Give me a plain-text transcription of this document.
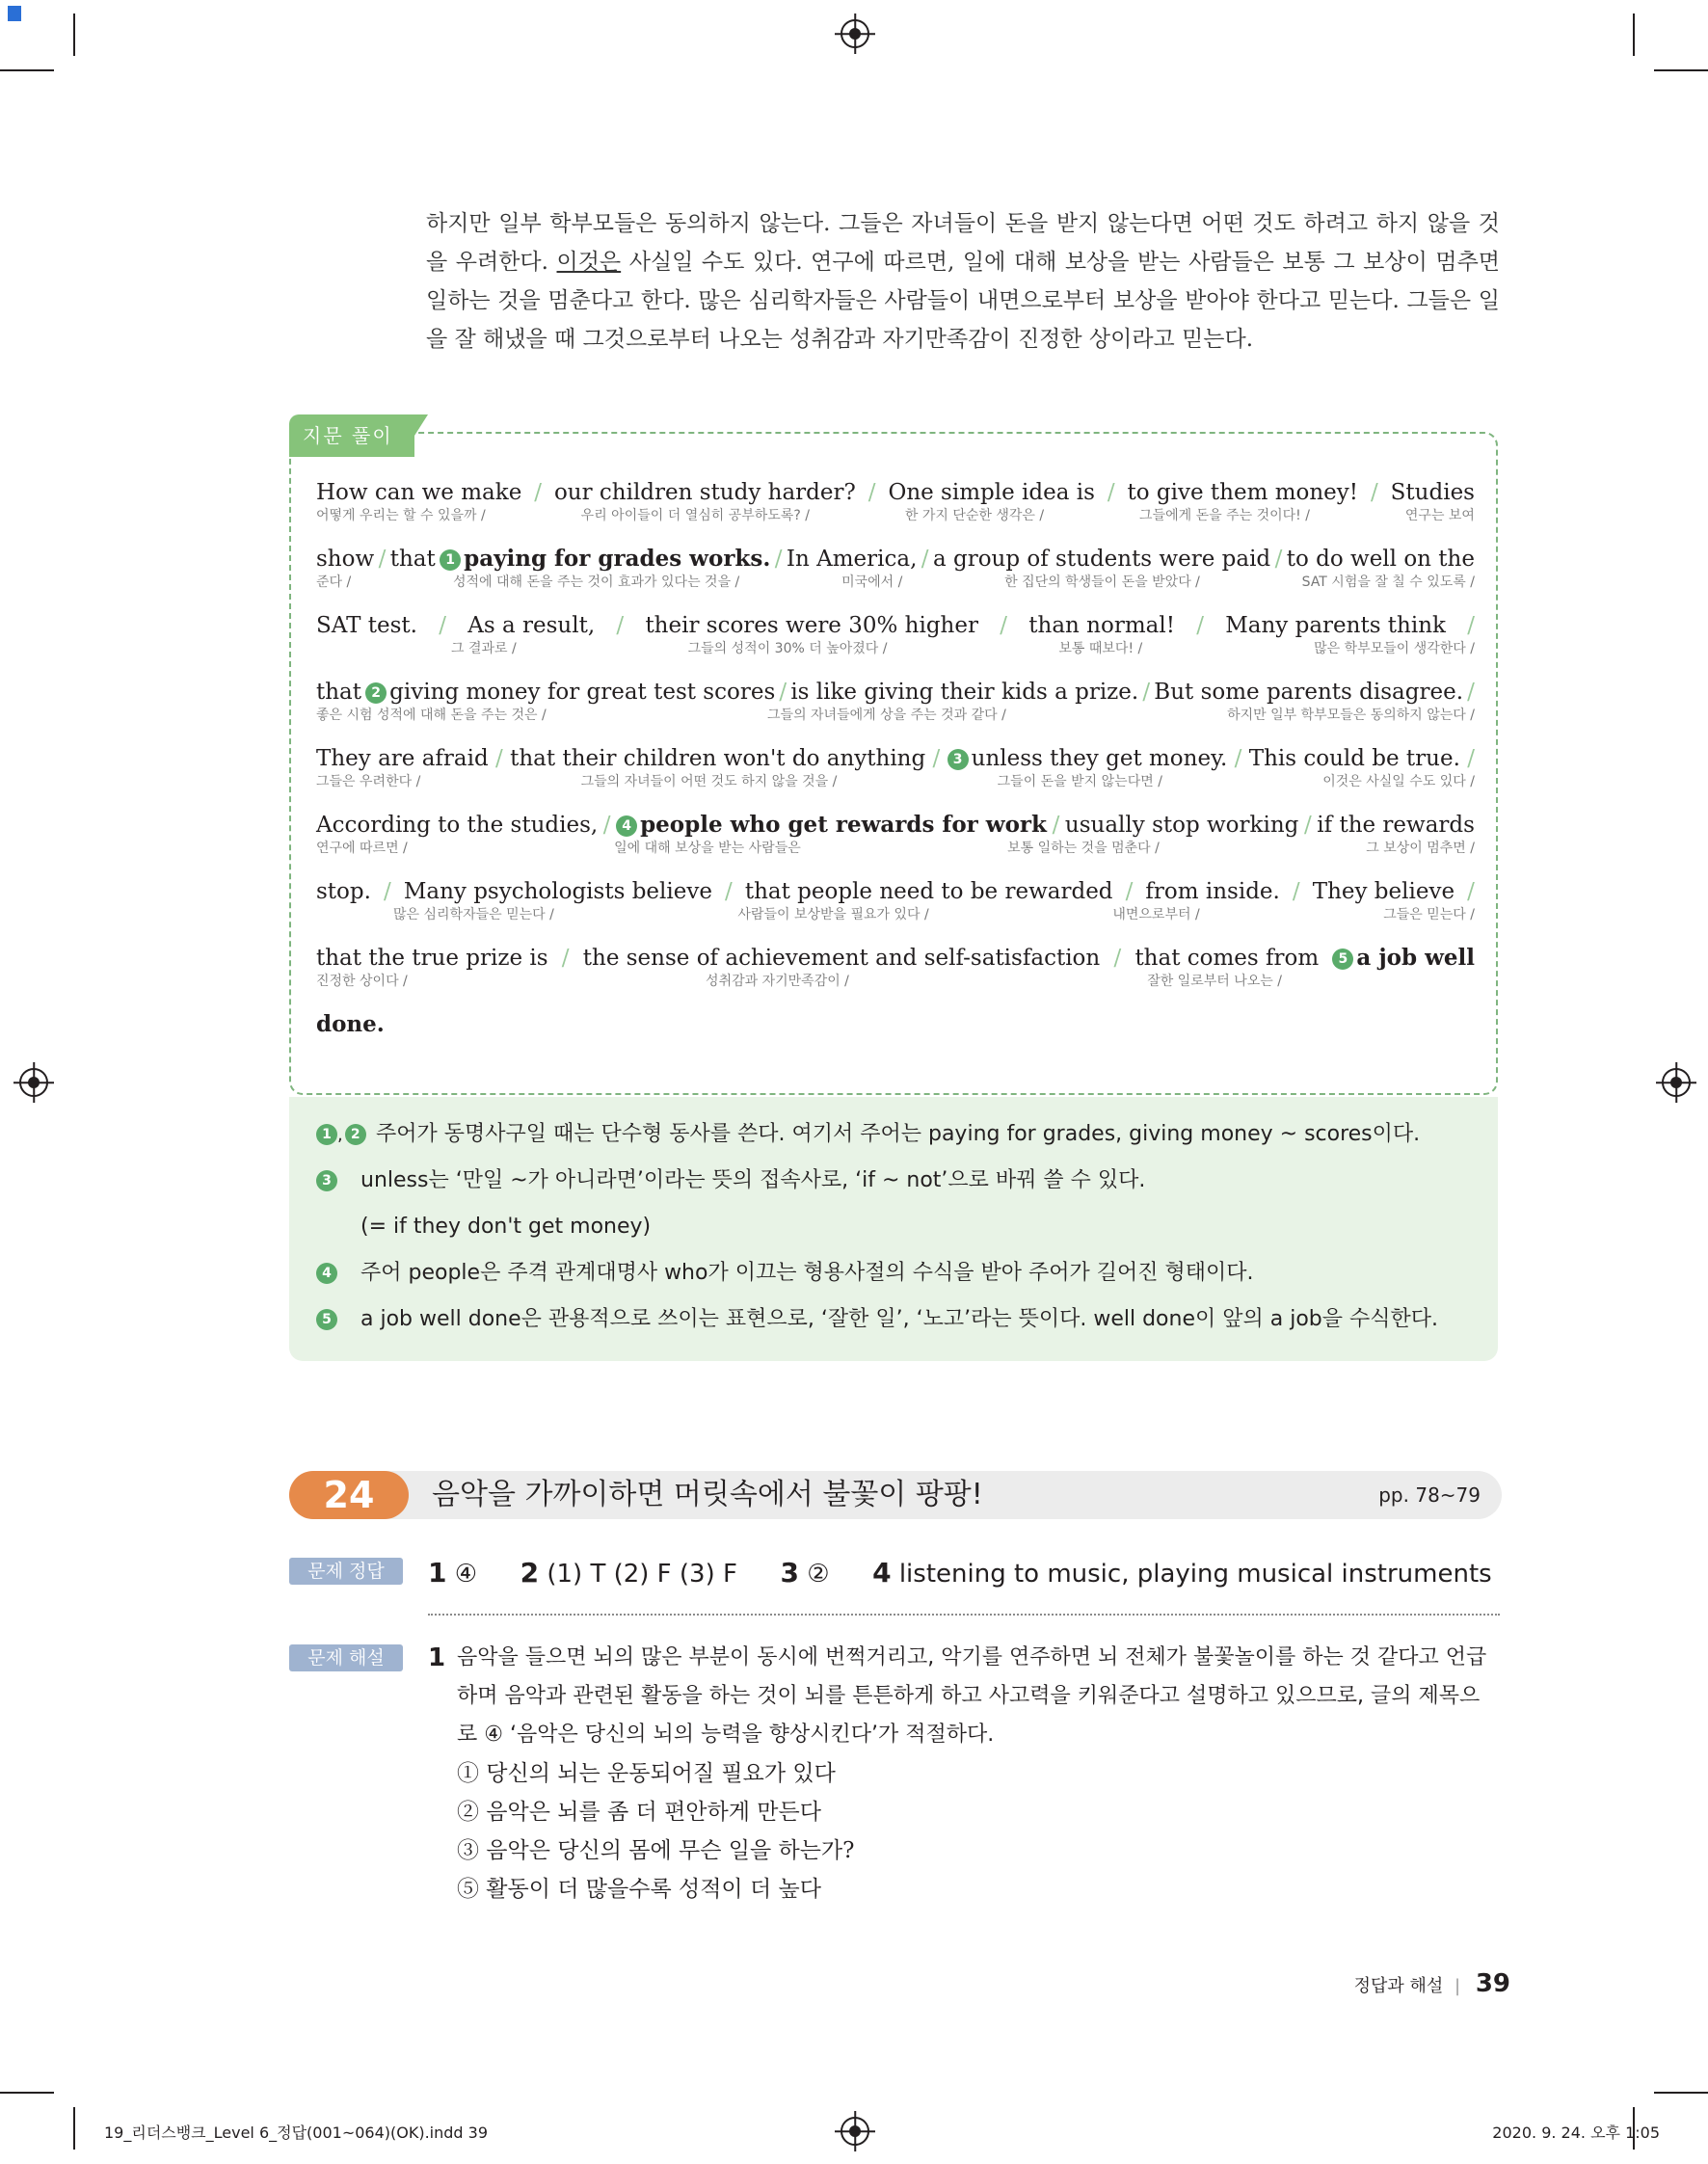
하지만 일부 학부모들은 동의하지 않는다. 그들은 자녀들이 돈을 받지 않는다면 어떤 것도 하려고 하지 않을 것을 우려한다. 이것은 사실일 수도 있다. 연구에 따르면, 일에 대해 보상을 받는 사람들은 보통 그 보상이 멈추면 일하는 것을 멈춘다고 한다. 많은 심리학자들은 사람들이 내면으로부터 보상을 받아야 한다고 믿는다. 그들은 일을 잘 해냈을 때 그것으로부터 나오는 성취감과 자기만족감이 진정한 상이라고 믿는다.

지문 풀이
How can we make / our children study harder? / One simple idea is / to give them money! / Studies
어떻게 우리는 할 수 있을까 /	우리 아이들이 더 열심히 공부하도록? /	한 가지 단순한 생각은 /	그들에게 돈을 주는 것이다! /	연구는 보여
show / that 1 paying for grades works. / In America, / a group of students were paid / to do well on the
준다 /	성적에 대해 돈을 주는 것이 효과가 있다는 것을 /	미국에서 /	한 집단의 학생들이 돈을 받았다 /	SAT 시험을 잘 칠 수 있도록 /
SAT test. / As a result, / their scores were 30% higher / than normal! / Many parents think /
그 결과로 /	그들의 성적이 30% 더 높아졌다 /	보통 때보다! /	많은 학부모들이 생각한다 /
that 2 giving money for great test scores / is like giving their kids a prize. / But some parents disagree. /
좋은 시험 성적에 대해 돈을 주는 것은 /	그들의 자녀들에게 상을 주는 것과 같다 /	하지만 일부 학부모들은 동의하지 않는다 /
They are afraid / that their children won't do anything / 3 unless they get money. / This could be true. /
그들은 우려한다 /	그들의 자녀들이 어떤 것도 하지 않을 것을 /	그들이 돈을 받지 않는다면 /	이것은 사실일 수도 있다 /
According to the studies, / 4 people who get rewards for work / usually stop working / if the rewards
연구에 따르면 /	일에 대해 보상을 받는 사람들은	보통 일하는 것을 멈춘다 /	그 보상이 멈추면 /
stop. / Many psychologists believe / that people need to be rewarded / from inside. / They believe /
많은 심리학자들은 믿는다 /	사람들이 보상받을 필요가 있다 /	내면으로부터 /	그들은 믿는다 /
that the true prize is / the sense of achievement and self-satisfaction / that comes from	5 a job well
진정한 상이다 /	성취감과 자기만족감이 /	잘한 일로부터 나오는 /
done.
1 , 2 주어가 동명사구일 때는 단수형 동사를 쓴다. 여기서 주어는 paying for grades, giving money ~ scores이다.
3 unless는 ‘만일 ~가 아니라면’이라는 뜻의 접속사로, ‘if ~ not’으로 바꿔 쓸 수 있다.
(= if they don't get money)
4 주어 people은 주격 관계대명사 who가 이끄는 형용사절의 수식을 받아 주어가 길어진 형태이다.
5 a job well done은 관용적으로 쓰이는 표현으로, ‘잘한 일’, ‘노고’라는 뜻이다. well done이 앞의 a job을 수식한다.
24	음악을 가까이하면 머릿속에서 불꽃이 팡팡!	pp. 78~79
문제 정답	1 ④ 2 (1) T (2) F (3) F 3 ② 4 listening to music, playing musical instruments
문제 해설	1 음악을 들으면 뇌의 많은 부분이 동시에 번쩍거리고, 악기를 연주하면 뇌 전체가 불꽃놀이를 하는 것 같다고 언급하며 음악과 관련된 활동을 하는 것이 뇌를 튼튼하게 하고 사고력을 키워준다고 설명하고 있으므로, 글의 제목으로 ④ ‘음악은 당신의 뇌의 능력을 향상시킨다’가 적절하다.
① 당신의 뇌는 운동되어질 필요가 있다
② 음악은 뇌를 좀 더 편안하게 만든다
③ 음악은 당신의 몸에 무슨 일을 하는가?
⑤ 활동이 더 많을수록 성적이 더 높다
정답과 해설 | 39
19_리더스뱅크_Level 6_정답(001~064)(OK).indd 39	2020. 9. 24. 오후 1:05
